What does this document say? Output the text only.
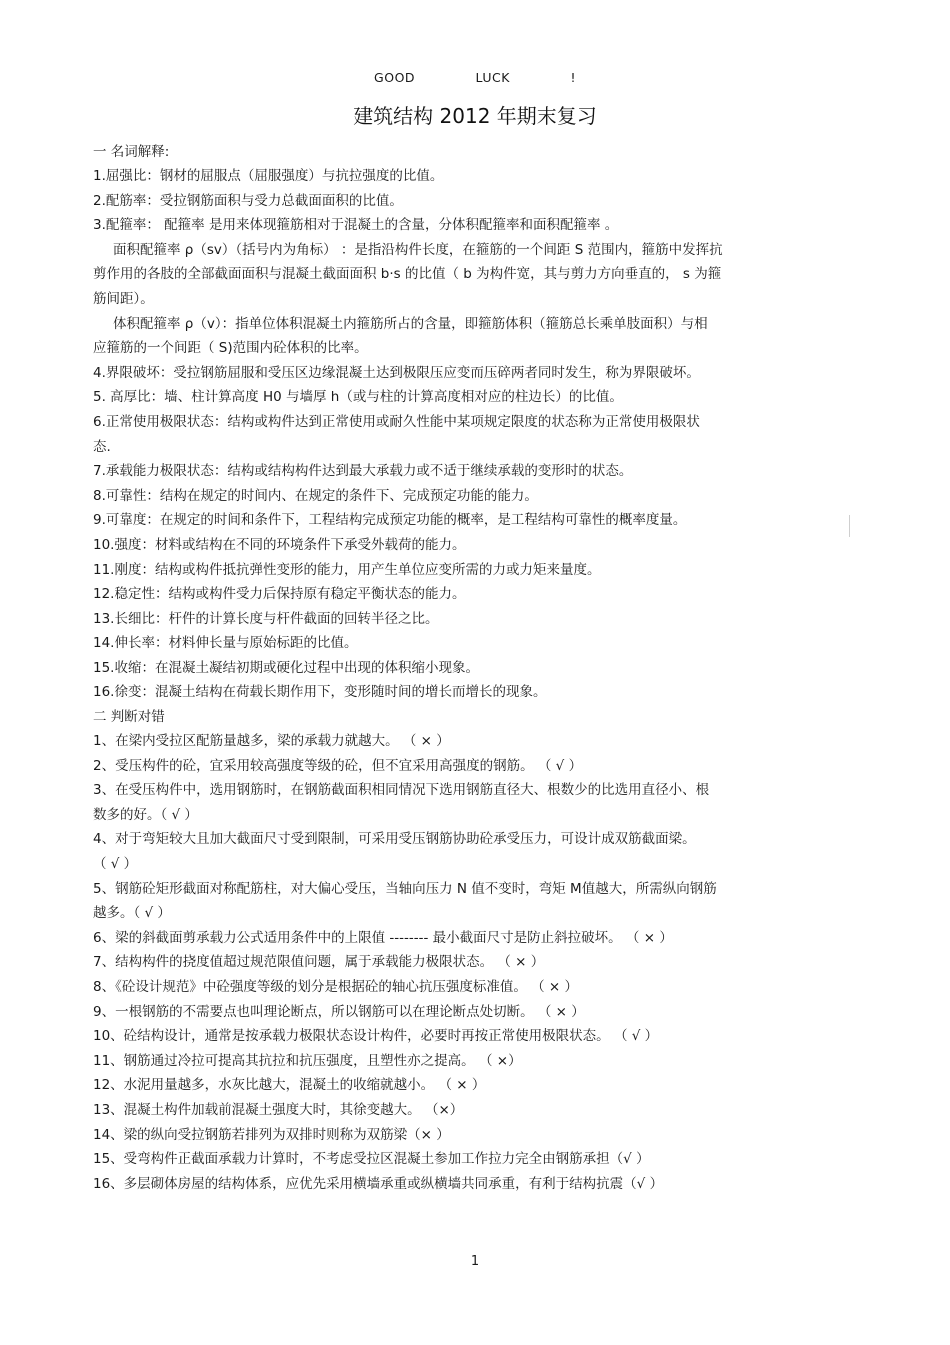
GOOD	LUCK	!
建筑结构 2012 年期末复习
一 名词解释:
1.屈强比：钢材的屈服点（屈服强度）与抗拉强度的比值。
2.配筋率：受拉钢筋面积与受力总截面面积的比值。
3.配箍率： 配箍率 是用来体现箍筋相对于混凝土的含量，分体积配箍率和面积配箍率 。
面积配箍率 ρ（sv）（括号内为角标） ：是指沿构件长度，在箍筋的一个间距 S 范围内，箍筋中发挥抗
剪作用的各肢的全部截面面积与混凝土截面面积 b·s 的比值（ b 为构件宽，其与剪力方向垂直的， s 为箍
筋间距）。
体积配箍率 ρ（v）：指单位体积混凝土内箍筋所占的含量，即箍筋体积（箍筋总长乘单肢面积）与相
应箍筋的一个间距（ S)范围内砼体积的比率。
4.界限破坏：受拉钢筋屈服和受压区边缘混凝土达到极限压应变而压碎两者同时发生，称为界限破坏。
5. 高厚比：墙、柱计算高度 H0 与墙厚 h（或与柱的计算高度相对应的柱边长）的比值。
6.正常使用极限状态：结构或构件达到正常使用或耐久性能中某项规定限度的状态称为正常使用极限状
态.
7.承载能力极限状态：结构或结构构件达到最大承载力或不适于继续承载的变形时的状态。
8.可靠性：结构在规定的时间内、在规定的条件下、完成预定功能的能力。
9.可靠度：在规定的时间和条件下，工程结构完成预定功能的概率，是工程结构可靠性的概率度量。
10.强度：材料或结构在不同的环境条件下承受外载荷的能力。
11.刚度：结构或构件抵抗弹性变形的能力，用产生单位应变所需的力或力矩来量度。
12.稳定性：结构或构件受力后保持原有稳定平衡状态的能力。
13.长细比：杆件的计算长度与杆件截面的回转半径之比。
14.伸长率：材料伸长量与原始标距的比值。
15.收缩：在混凝土凝结初期或硬化过程中出现的体积缩小现象。
16.徐变：混凝土结构在荷载长期作用下，变形随时间的增长而增长的现象。
二 判断对错
1、在梁内受拉区配筋量越多，梁的承载力就越大。 （ × ）
2、受压构件的砼，宜采用较高强度等级的砼，但不宜采用高强度的钢筋。 （ √ ）
3、在受压构件中，选用钢筋时，在钢筋截面积相同情况下选用钢筋直径大、根数少的比选用直径小、根
数多的好。（ √ ）
4、对于弯矩较大且加大截面尺寸受到限制，可采用受压钢筋协助砼承受压力，可设计成双筋截面梁。
（ √ ）
5、钢筋砼矩形截面对称配筋柱，对大偏心受压，当轴向压力 N 值不变时，弯矩 M值越大，所需纵向钢筋
越多。（ √ ）
6、梁的斜截面剪承载力公式适用条件中的上限值 -------- 最小截面尺寸是防止斜拉破坏。 （ × ）
7、结构构件的挠度值超过规范限值问题，属于承载能力极限状态。 （ × ）
8、《砼设计规范》中砼强度等级的划分是根据砼的轴心抗压强度标准值。 （ × ）
9、一根钢筋的不需要点也叫理论断点，所以钢筋可以在理论断点处切断。 （ × ）
10、砼结构设计，通常是按承载力极限状态设计构件，必要时再按正常使用极限状态。 （ √ ）
11、钢筋通过冷拉可提高其抗拉和抗压强度，且塑性亦之提高。 （ ×）
12、水泥用量越多，水灰比越大，混凝土的收缩就越小。 （ × ）
13、混凝土构件加载前混凝土强度大时，其徐变越大。 （×）
14、梁的纵向受拉钢筋若排列为双排时则称为双筋梁（× ）
15、受弯构件正截面承载力计算时，不考虑受拉区混凝土参加工作拉力完全由钢筋承担（√ ）
16、多层砌体房屋的结构体系，应优先采用横墙承重或纵横墙共同承重，有利于结构抗震（√ ）
1
